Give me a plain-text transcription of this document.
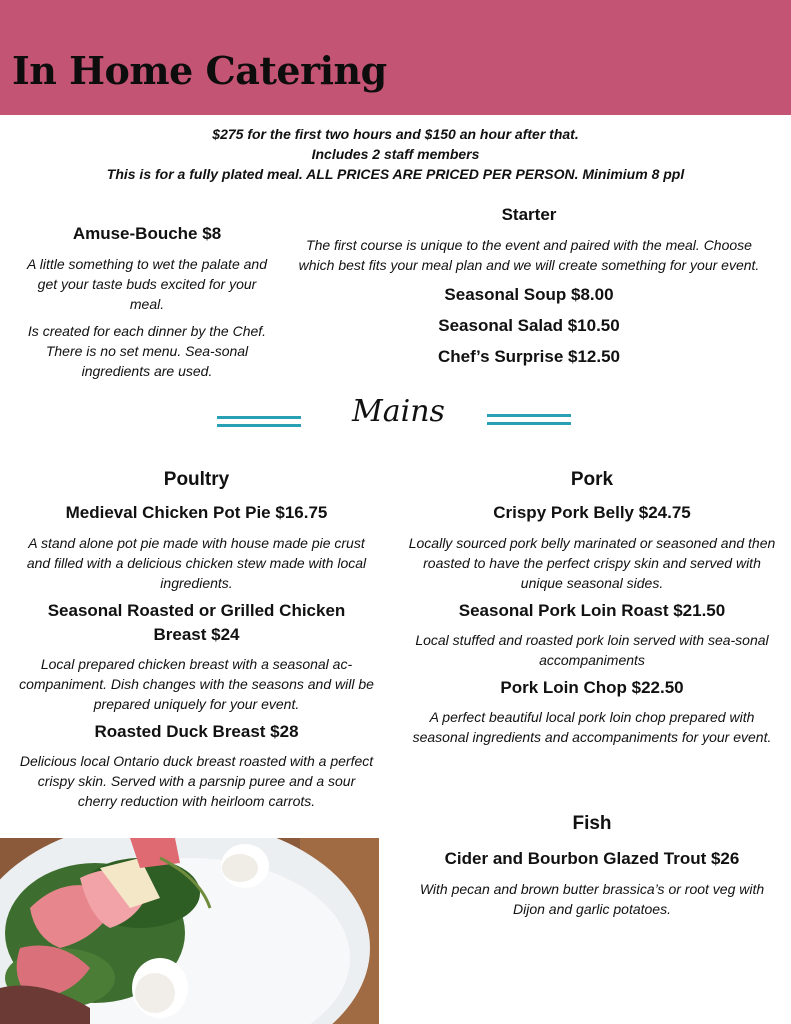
In Home Catering
$275 for the first two hours and $150 an hour after that.
Includes 2 staff members
This is for a fully plated meal. ALL PRICES ARE PRICED PER PERSON. Minimium 8 ppl
Amuse-Bouche $8
A little something to wet the palate and get your taste buds excited for your meal.
Is created for each dinner by the Chef. There is no set menu. Sea-sonal ingredients are used.
Starter
The first course is unique to the event and paired with the meal. Choose which best fits your meal plan and we will create something for your event.
Seasonal Soup $8.00
Seasonal Salad $10.50
Chef’s Surprise $12.50
Mains
Poultry
Medieval Chicken Pot Pie $16.75
A stand alone pot pie made with house made pie crust and filled with a delicious chicken stew made with local ingredients.
Seasonal Roasted or Grilled Chicken Breast $24
Local prepared chicken breast with a seasonal ac-companiment. Dish changes with the seasons and will be prepared uniquely for your event.
Roasted Duck Breast $28
Delicious local Ontario duck breast roasted with a perfect crispy skin. Served with a parsnip puree and a sour cherry reduction with heirloom carrots.
Pork
Crispy Pork Belly $24.75
Locally sourced pork belly marinated or seasoned and then roasted to have the perfect crispy skin and served with unique seasonal sides.
Seasonal Pork Loin Roast $21.50
Local stuffed and roasted pork loin served with sea-sonal accompaniments
Pork Loin Chop $22.50
A perfect beautiful local pork loin chop prepared with seasonal ingredients and accompaniments for your event.
Fish
Cider and Bourbon Glazed Trout $26
With pecan and brown butter brassica’s or root veg with Dijon and garlic potatoes.
